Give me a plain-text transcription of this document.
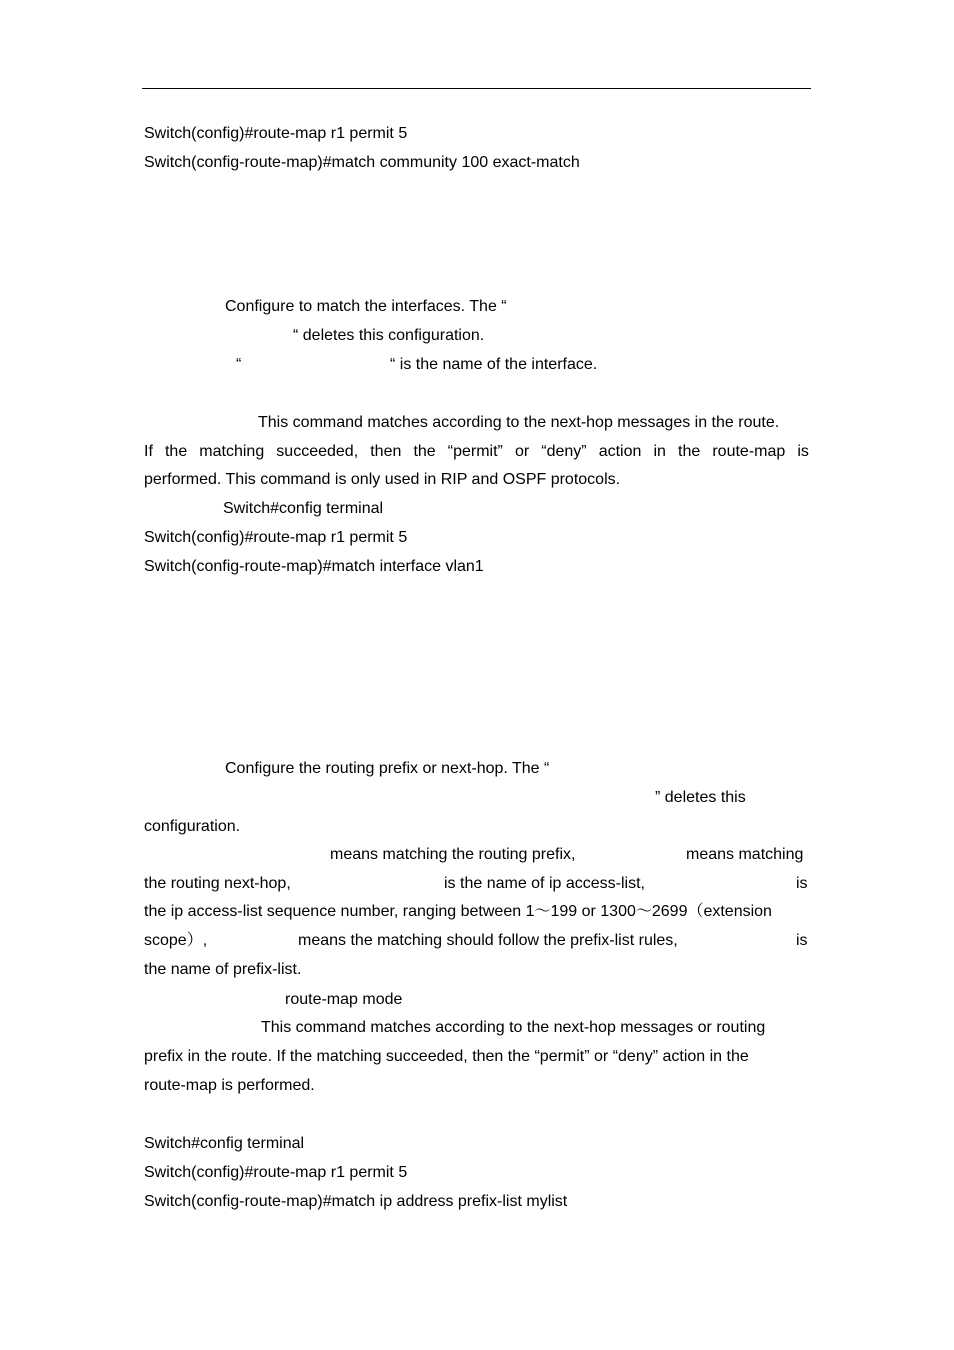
Switch(config)#route-map r1 permit 5
Switch(config-route-map)#match community 100 exact-match
Configure to match the interfaces. The “
“ deletes this configuration.
“	“ is the name of the interface.
This command matches according to the next-hop messages in the route.
If the matching succeeded, then the “permit” or “deny” action in the route-map is
performed. This command is only used in RIP and OSPF protocols.
Switch#config terminal
Switch(config)#route-map r1 permit 5
Switch(config-route-map)#match interface vlan1
Configure the routing prefix or next-hop. The “
” deletes this
configuration.
means matching the routing prefix,	means matching
the routing next-hop,	is the name of ip access-list,	is
the ip access-list sequence number, ranging between 1～199 or 1300～2699（extension
scope）,	means the matching should follow the prefix-list rules,	is
the name of prefix-list.
route-map mode
This command matches according to the next-hop messages or routing
prefix in the route. If the matching succeeded, then the “permit” or “deny” action in the
route-map is performed.
Switch#config terminal
Switch(config)#route-map r1 permit 5
Switch(config-route-map)#match ip address prefix-list mylist
